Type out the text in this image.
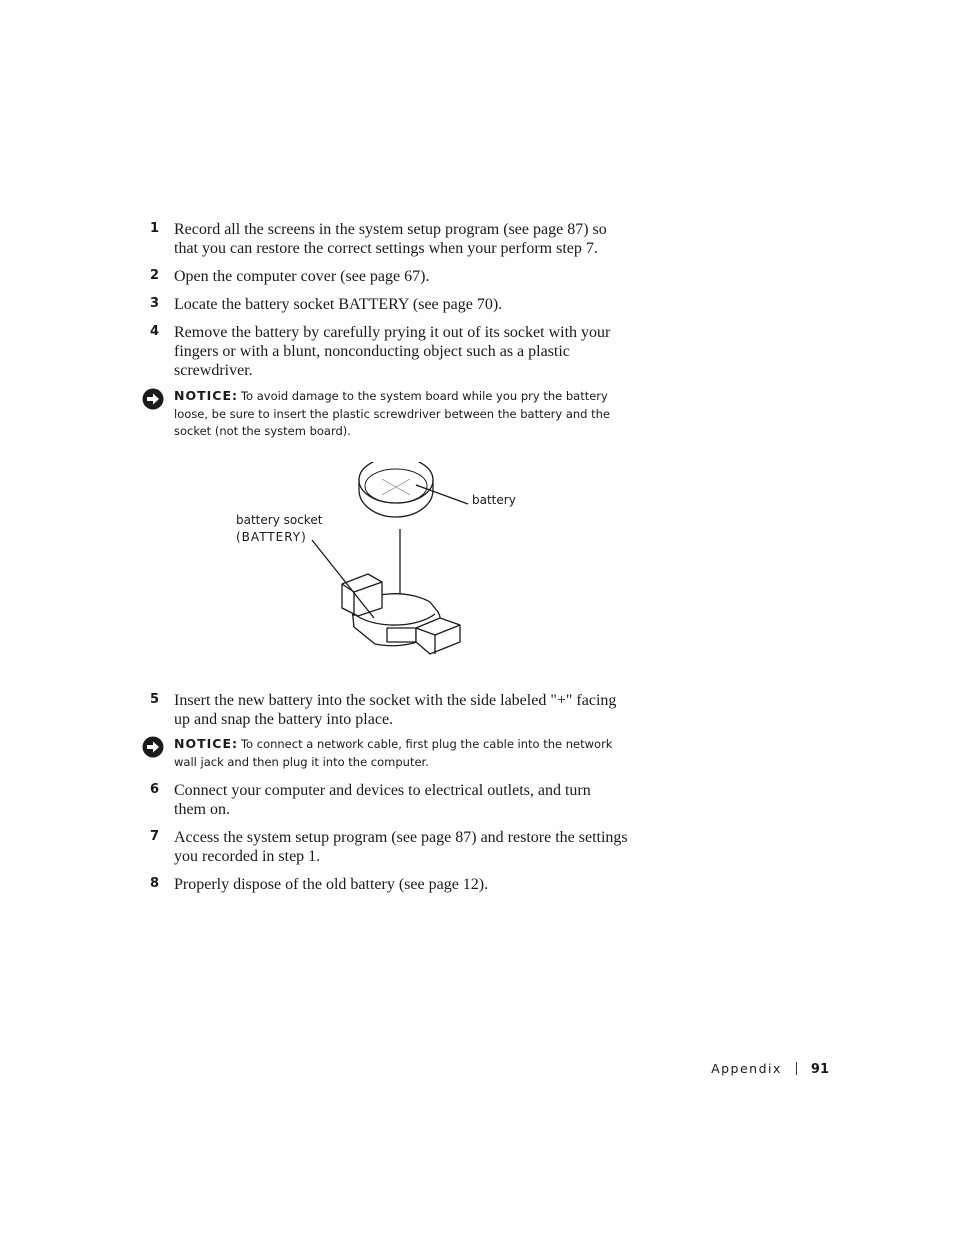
1 Record all the screens in the system setup program (see page 87) so that you can restore the correct settings when your perform step 7.
2 Open the computer cover (see page 67).
3 Locate the battery socket BATTERY (see page 70).
4 Remove the battery by carefully prying it out of its socket with your fingers or with a blunt, nonconducting object such as a plastic screwdriver.
NOTICE: To avoid damage to the system board while you pry the battery loose, be sure to insert the plastic screwdriver between the battery and the socket (not the system board).
battery
battery socket
(BATTERY)
5 Insert the new battery into the socket with the side labeled "+" facing up and snap the battery into place.
NOTICE: To connect a network cable, first plug the cable into the network wall jack and then plug it into the computer.
6 Connect your computer and devices to electrical outlets, and turn them on.
7 Access the system setup program (see page 87) and restore the settings you recorded in step 1.
8 Properly dispose of the old battery (see page 12).
Appendix 91
